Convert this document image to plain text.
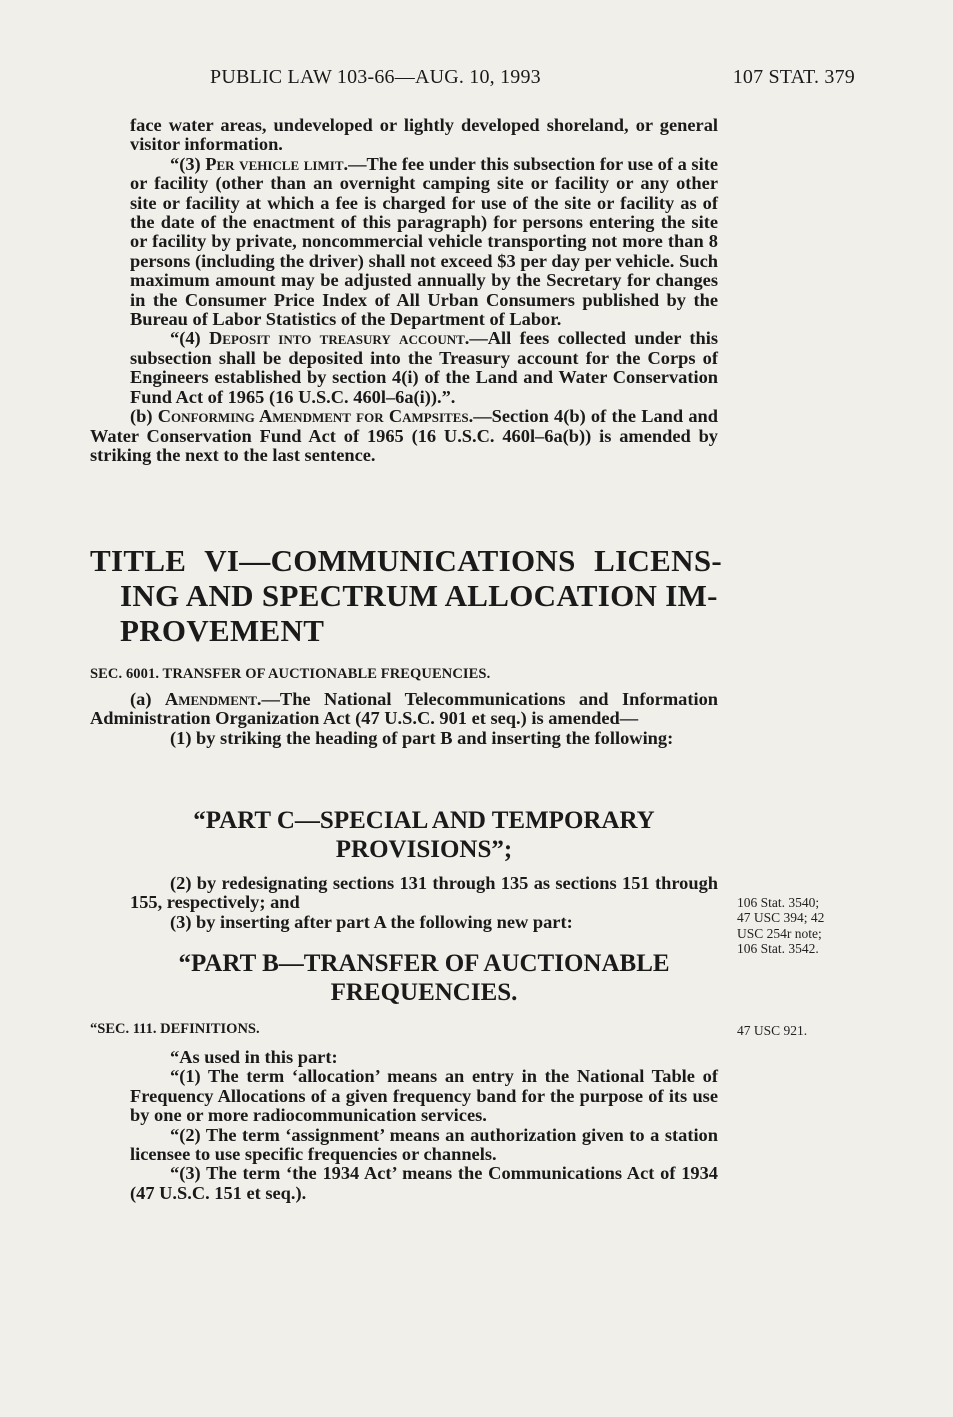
PUBLIC LAW 103-66—AUG. 10, 1993	107 STAT. 379

face water areas, undeveloped or lightly developed shoreland, or general visitor information.

“(3) Per vehicle limit.—The fee under this subsection for use of a site or facility (other than an overnight camping site or facility or any other site or facility at which a fee is charged for use of the site or facility as of the date of the enactment of this paragraph) for persons entering the site or facility by private, noncommercial vehicle transporting not more than 8 persons (including the driver) shall not exceed $3 per day per vehicle. Such maximum amount may be adjusted annually by the Secretary for changes in the Consumer Price Index of All Urban Consumers published by the Bureau of Labor Statistics of the Department of Labor.

“(4) Deposit into treasury account.—All fees collected under this subsection shall be deposited into the Treasury account for the Corps of Engineers established by section 4(i) of the Land and Water Conservation Fund Act of 1965 (16 U.S.C. 460l–6a(i)).”.

(b) Conforming Amendment for Campsites.—Section 4(b) of the Land and Water Conservation Fund Act of 1965 (16 U.S.C. 460l–6a(b)) is amended by striking the next to the last sentence.

TITLE VI—COMMUNICATIONS LICENS-
ING AND SPECTRUM ALLOCATION IM-
PROVEMENT
SEC. 6001. TRANSFER OF AUCTIONABLE FREQUENCIES.

(a) Amendment.—The National Telecommunications and Information Administration Organization Act (47 U.S.C. 901 et seq.) is amended—

(1) by striking the heading of part B and inserting the following:

“PART C—SPECIAL AND TEMPORARY
PROVISIONS”;

(2) by redesignating sections 131 through 135 as sections 151 through 155, respectively; and

(3) by inserting after part A the following new part:

106 Stat. 3540;
47 USC 394; 42
USC 254r note;
106 Stat. 3542.
“PART B—TRANSFER OF AUCTIONABLE
FREQUENCIES.
“SEC. 111. DEFINITIONS.	47 USC 921.

“As used in this part:

“(1) The term ‘allocation’ means an entry in the National Table of Frequency Allocations of a given frequency band for the purpose of its use by one or more radiocommunication services.

“(2) The term ‘assignment’ means an authorization given to a station licensee to use specific frequencies or channels.

“(3) The term ‘the 1934 Act’ means the Communications Act of 1934 (47 U.S.C. 151 et seq.).
